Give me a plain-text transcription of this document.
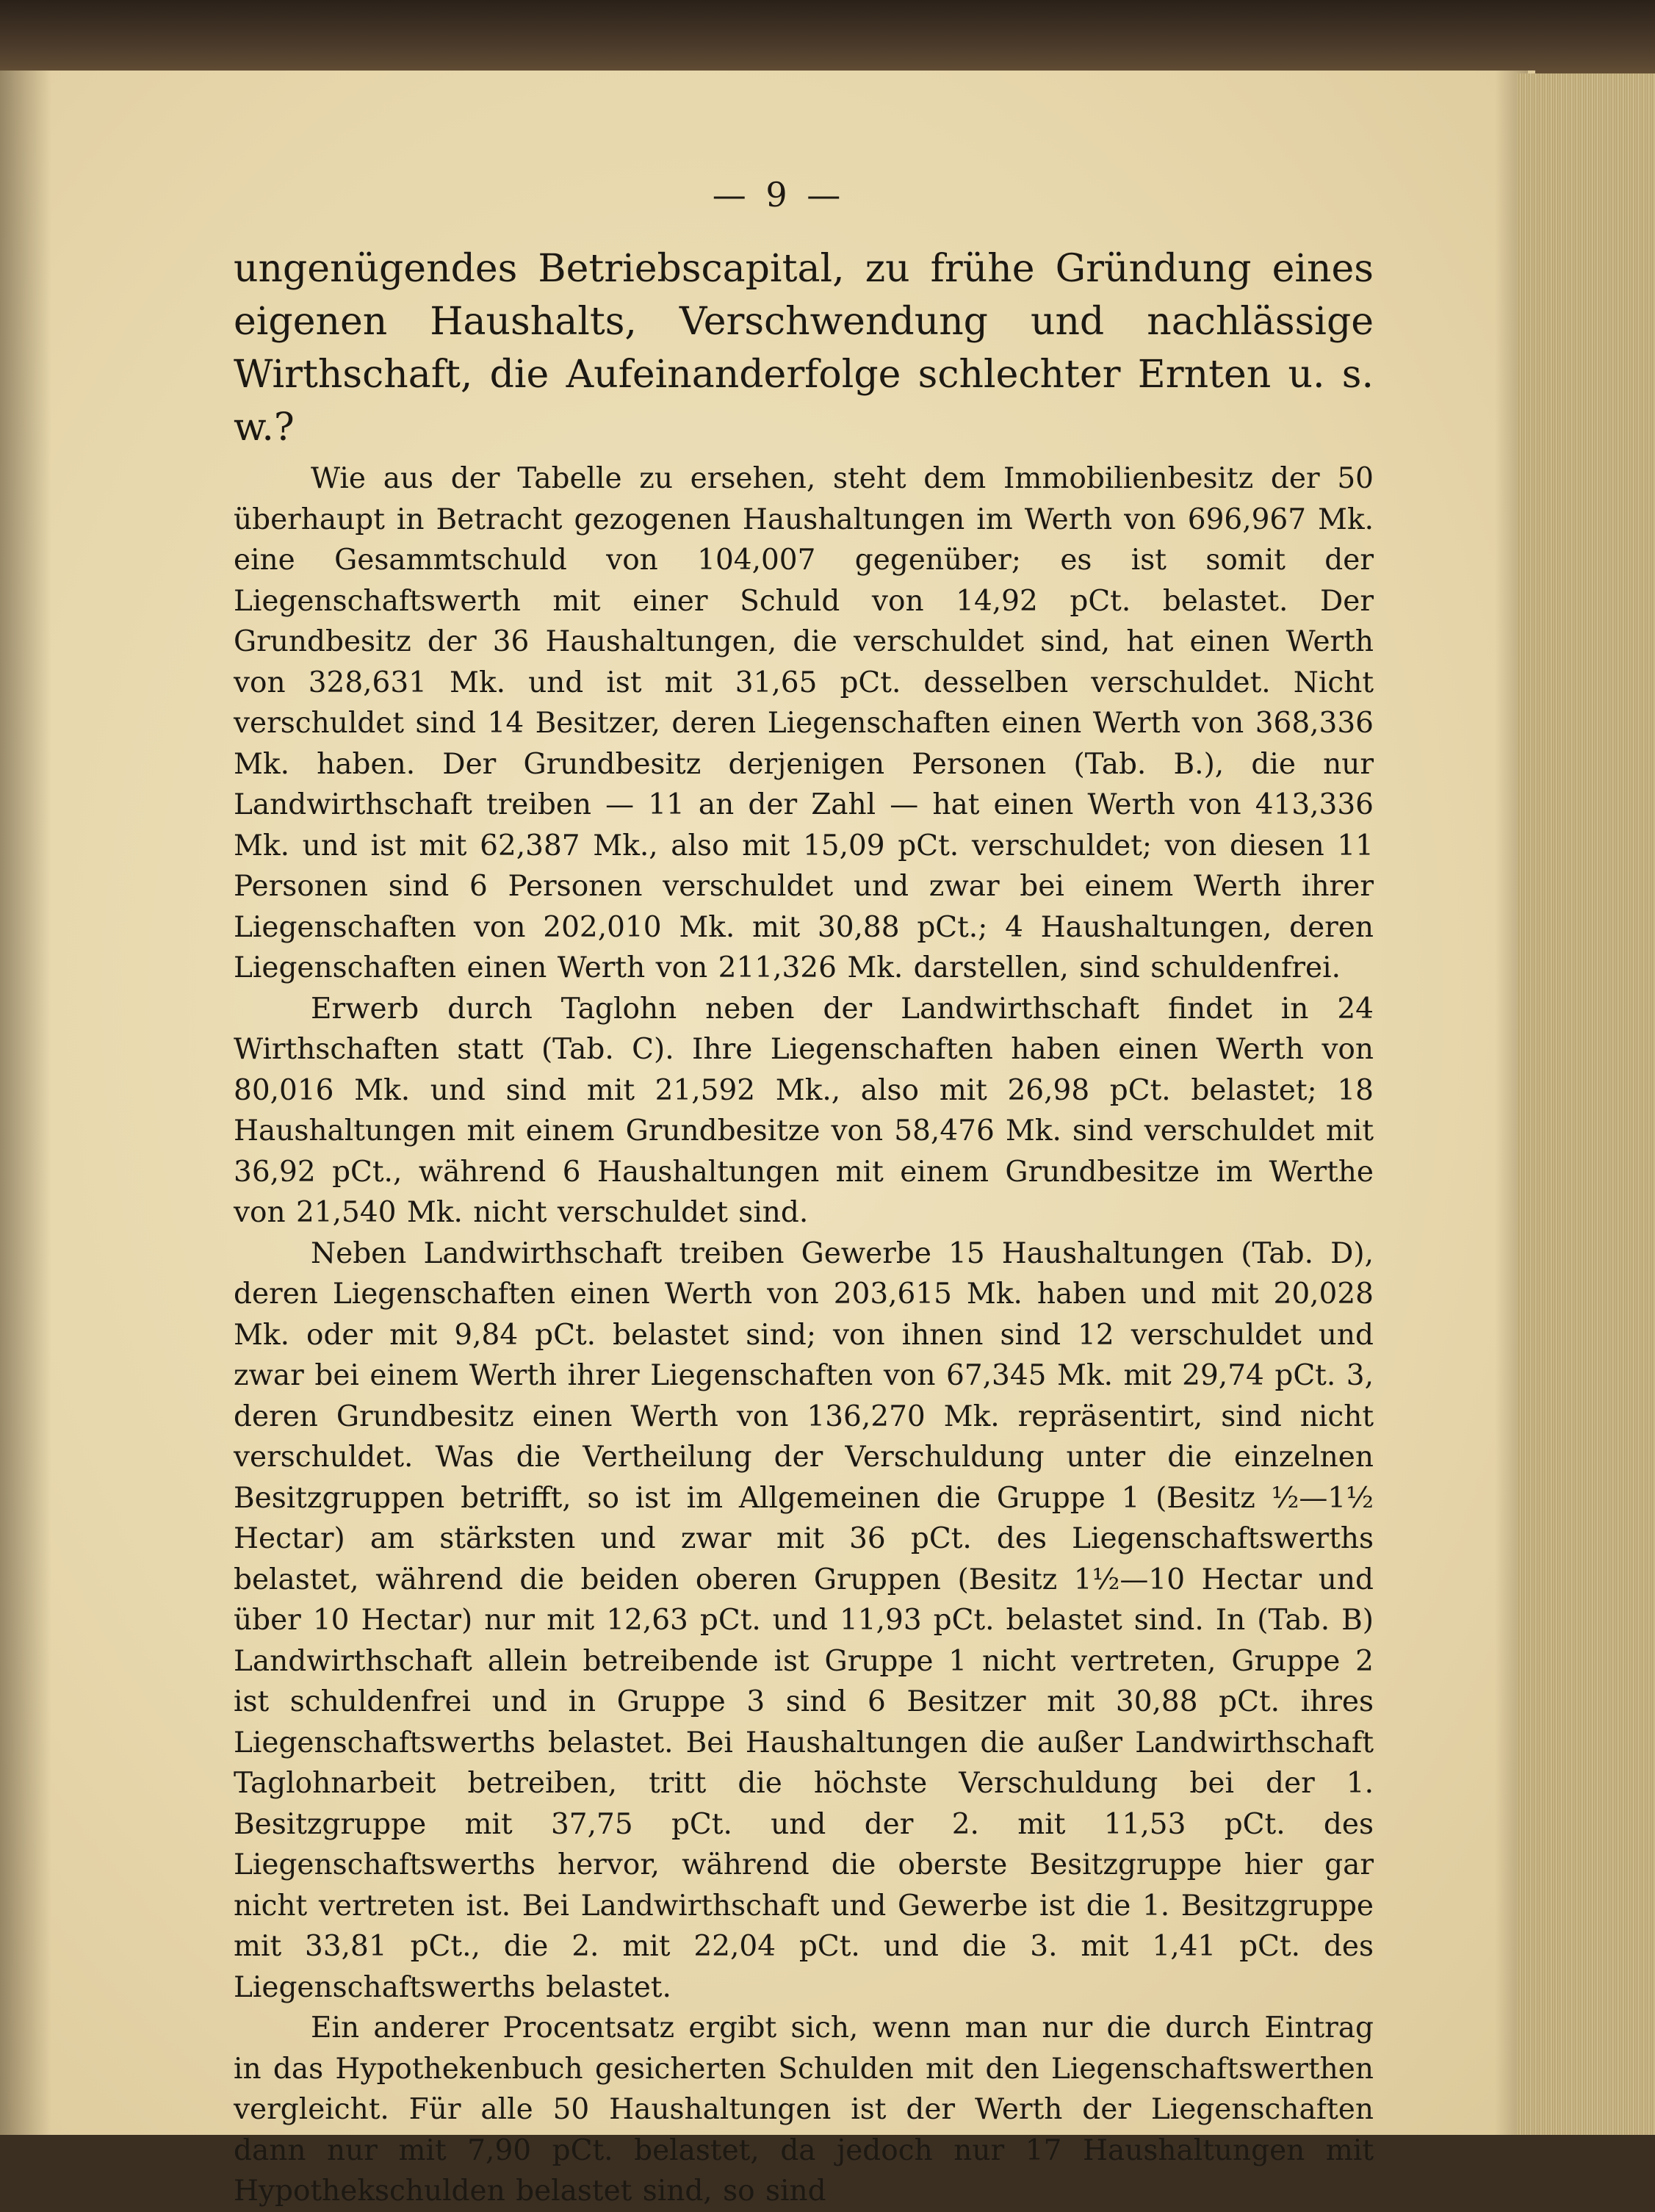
— 9 —

ungenügendes Betriebscapital, zu frühe Gründung eines eigenen Haushalts, Verschwendung und nachlässige Wirthschaft, die Aufeinanderfolge schlechter Ernten u. s. w.?

Wie aus der Tabelle zu ersehen, steht dem Immobilienbesitz der 50 überhaupt in Betracht gezogenen Haushaltungen im Werth von 696,967 Mk. eine Gesammtschuld von 104,007 gegenüber; es ist somit der Liegenschaftswerth mit einer Schuld von 14,92 pCt. belastet. Der Grundbesitz der 36 Haushaltungen, die verschuldet sind, hat einen Werth von 328,631 Mk. und ist mit 31,65 pCt. desselben verschuldet. Nicht verschuldet sind 14 Besitzer, deren Liegenschaften einen Werth von 368,336 Mk. haben. Der Grundbesitz derjenigen Personen (Tab. B.), die nur Landwirthschaft treiben — 11 an der Zahl — hat einen Werth von 413,336 Mk. und ist mit 62,387 Mk., also mit 15,09 pCt. verschuldet; von diesen 11 Personen sind 6 Personen verschuldet und zwar bei einem Werth ihrer Liegenschaften von 202,010 Mk. mit 30,88 pCt.; 4 Haushaltungen, deren Liegenschaften einen Werth von 211,326 Mk. darstellen, sind schuldenfrei.

Erwerb durch Taglohn neben der Landwirthschaft findet in 24 Wirthschaften statt (Tab. C). Ihre Liegenschaften haben einen Werth von 80,016 Mk. und sind mit 21,592 Mk., also mit 26,98 pCt. belastet; 18 Haushaltungen mit einem Grundbesitze von 58,476 Mk. sind verschuldet mit 36,92 pCt., während 6 Haushaltungen mit einem Grundbesitze im Werthe von 21,540 Mk. nicht verschuldet sind.

Neben Landwirthschaft treiben Gewerbe 15 Haushaltungen (Tab. D), deren Liegenschaften einen Werth von 203,615 Mk. haben und mit 20,028 Mk. oder mit 9,84 pCt. belastet sind; von ihnen sind 12 verschuldet und zwar bei einem Werth ihrer Liegenschaften von 67,345 Mk. mit 29,74 pCt. 3, deren Grundbesitz einen Werth von 136,270 Mk. repräsentirt, sind nicht verschuldet. Was die Vertheilung der Verschuldung unter die einzelnen Besitzgruppen betrifft, so ist im Allgemeinen die Gruppe 1 (Besitz ½—1½ Hectar) am stärksten und zwar mit 36 pCt. des Liegenschaftswerths belastet, während die beiden oberen Gruppen (Besitz 1½—10 Hectar und über 10 Hectar) nur mit 12,63 pCt. und 11,93 pCt. belastet sind. In (Tab. B) Landwirthschaft allein betreibende ist Gruppe 1 nicht vertreten, Gruppe 2 ist schuldenfrei und in Gruppe 3 sind 6 Besitzer mit 30,88 pCt. ihres Liegenschaftswerths belastet. Bei Haushaltungen die außer Landwirthschaft Taglohnarbeit betreiben, tritt die höchste Verschuldung bei der 1. Besitzgruppe mit 37,75 pCt. und der 2. mit 11,53 pCt. des Liegenschaftswerths hervor, während die oberste Besitzgruppe hier gar nicht vertreten ist. Bei Landwirthschaft und Gewerbe ist die 1. Besitzgruppe mit 33,81 pCt., die 2. mit 22,04 pCt. und die 3. mit 1,41 pCt. des Liegenschaftswerths belastet.

Ein anderer Procentsatz ergibt sich, wenn man nur die durch Eintrag in das Hypothekenbuch gesicherten Schulden mit den Liegenschaftswerthen vergleicht. Für alle 50 Haushaltungen ist der Werth der Liegenschaften dann nur mit 7,90 pCt. belastet, da jedoch nur 17 Haushaltungen mit Hypothekschulden belastet sind, so sind
